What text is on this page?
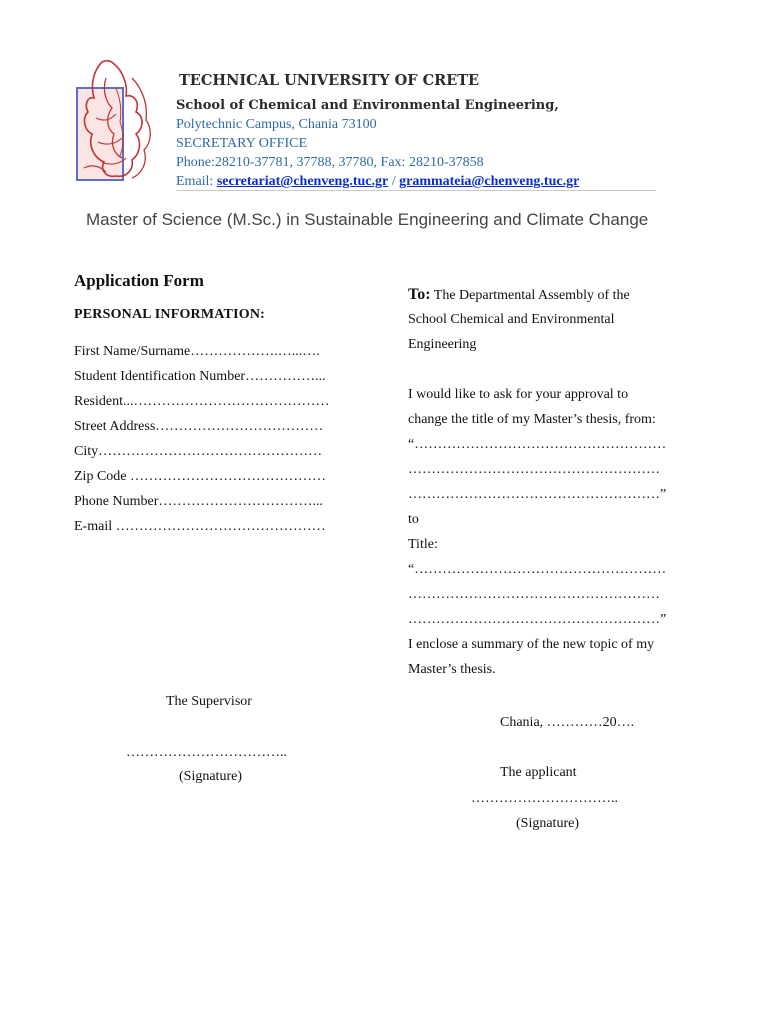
TECHNICAL UNIVERSITY OF CRETE
School of Chemical and Environmental Engineering,
Polytechnic Campus, Chania 73100
SECRETARY OFFICE
Phone:28210-37781, 37788, 37780, Fax: 28210-37858
Email: secretariat@chenveng.tuc.gr / grammateia@chenveng.tuc.gr
Master of Science (M.Sc.) in Sustainable Engineering and Climate Change
Application Form
PERSONAL INFORMATION:
First Name/Surname……………….…...….
Student Identification Number……………...
Resident...……………………………………
Street Address………………………………
City…………………………………………
Zip Code ……………………………………
Phone Number……………………………...
E-mail ………………………………………
To: The Departmental Assembly of the
School Chemical and Environmental
Engineering

I would like to ask for your approval to
change the title of my Master’s thesis, from:
“………………………………………………
………………………………………………
………………………………………………”
to
Title:
“………………………………………………
………………………………………………
………………………………………………”
I enclose a summary of the new topic of my
Master’s thesis.
The Supervisor
……………………………..
(Signature)
Chania, …………20….
The applicant
…………………………..
(Signature)
